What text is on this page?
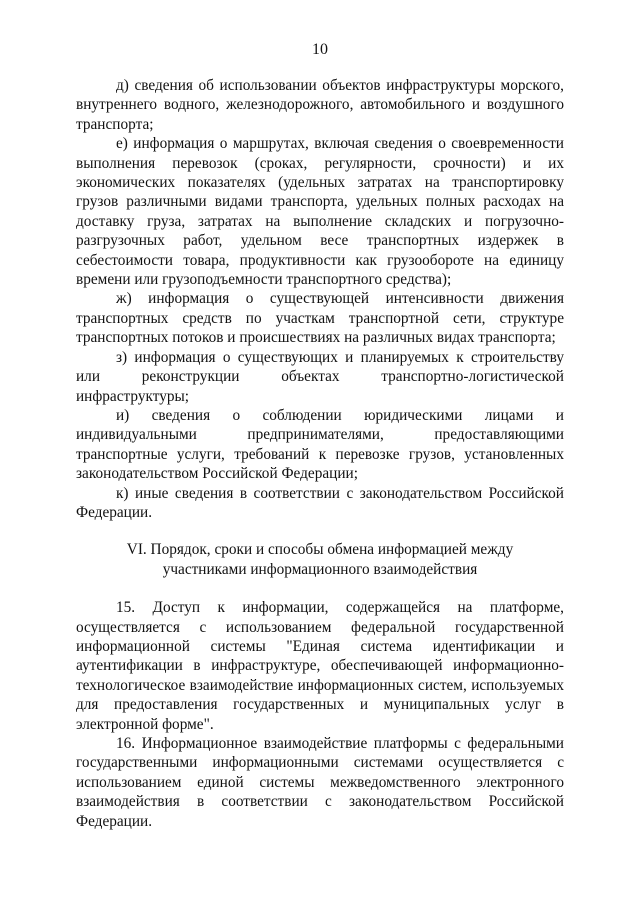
10

д) сведения об использовании объектов инфраструктуры морского, внутреннего водного, железнодорожного, автомобильного и воздушного транспорта;

е) информация о маршрутах, включая сведения о своевременности выполнения перевозок (сроках, регулярности, срочности) и их экономических показателях (удельных затратах на транспортировку грузов различными видами транспорта, удельных полных расходах на доставку груза, затратах на выполнение складских и погрузочно-разгрузочных работ, удельном весе транспортных издержек в себестоимости товара, продуктивности как грузообороте на единицу времени или грузоподъемности транспортного средства);

ж) информация о существующей интенсивности движения транспортных средств по участкам транспортной сети, структуре транспортных потоков и происшествиях на различных видах транспорта;

з) информация о существующих и планируемых к строительству или реконструкции объектах транспортно-логистической инфраструктуры;

и) сведения о соблюдении юридическими лицами и индивидуальными предпринимателями, предоставляющими транспортные услуги, требований к перевозке грузов, установленных законодательством Российской Федерации;

к) иные сведения в соответствии с законодательством Российской Федерации.

VI. Порядок, сроки и способы обмена информацией между
участниками информационного взаимодействия

15. Доступ к информации, содержащейся на платформе, осуществляется с использованием федеральной государственной информационной системы "Единая система идентификации и аутентификации в инфраструктуре, обеспечивающей информационно-технологическое взаимодействие информационных систем, используемых для предоставления государственных и муниципальных услуг в электронной форме".

16. Информационное взаимодействие платформы с федеральными государственными информационными системами осуществляется с использованием единой системы межведомственного электронного взаимодействия в соответствии с законодательством Российской Федерации.
